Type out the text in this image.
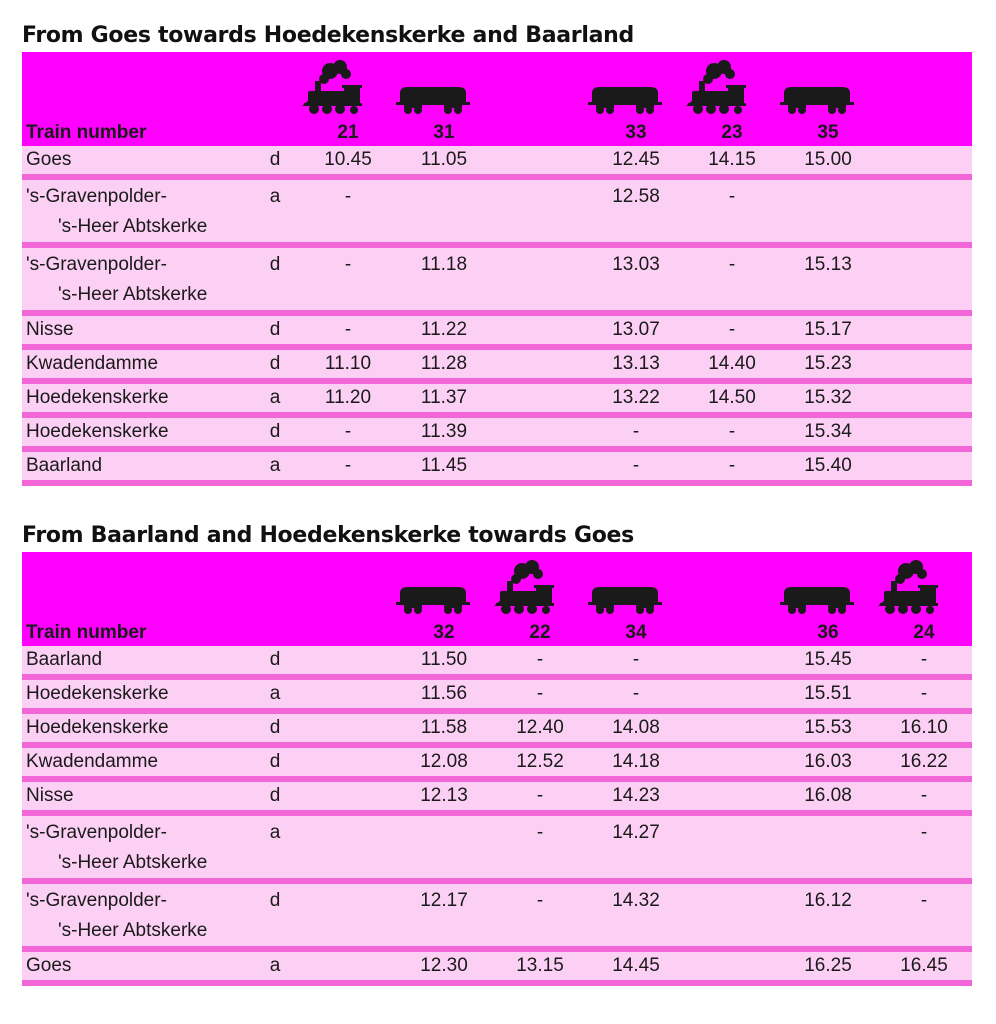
From Goes towards Hoedekenskerke and Baarland
Train number		21	31		33	23	35	

Goes	d	10.45	11.05		12.45	14.15	15.00	
's-Gravenpolder-
's-Heer Abtskerke	a	-			12.58	-		
's-Gravenpolder-
's-Heer Abtskerke	d	-	11.18		13.03	-	15.13	
Nisse	d	-	11.22		13.07	-	15.17	
Kwadendamme	d	11.10	11.28		13.13	14.40	15.23	
Hoedekenskerke	a	11.20	11.37		13.22	14.50	15.32	
Hoedekenskerke	d	-	11.39		-	-	15.34	
Baarland	a	-	11.45		-	-	15.40	
From Baarland and Hoedekenskerke towards Goes
Train number			32	22	34		36	24

Baarland	d		11.50	-	-		15.45	-
Hoedekenskerke	a		11.56	-	-		15.51	-
Hoedekenskerke	d		11.58	12.40	14.08		15.53	16.10
Kwadendamme	d		12.08	12.52	14.18		16.03	16.22
Nisse	d		12.13	-	14.23		16.08	-
's-Gravenpolder-
's-Heer Abtskerke	a			-	14.27			-
's-Gravenpolder-
's-Heer Abtskerke	d		12.17	-	14.32		16.12	-
Goes	a		12.30	13.15	14.45		16.25	16.45
